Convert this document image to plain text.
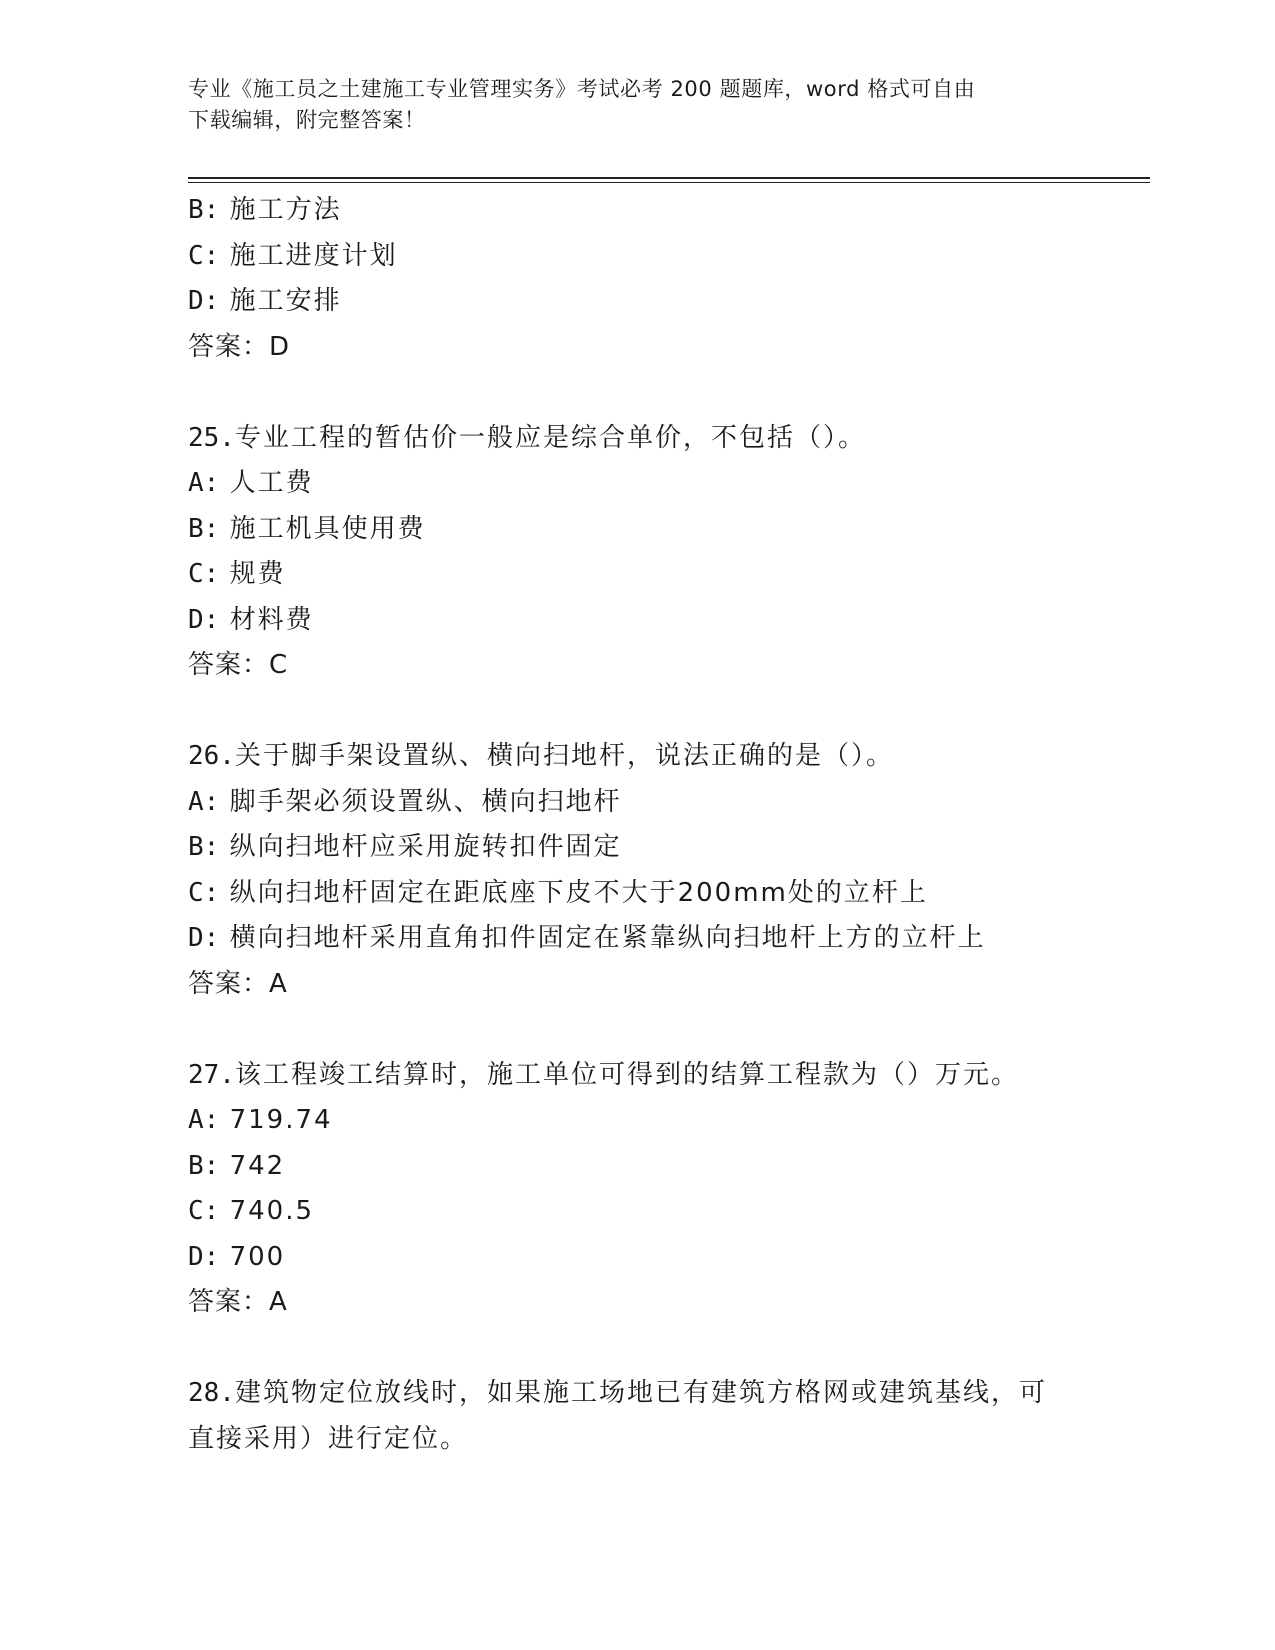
专业《施工员之土建施工专业管理实务》考试必考 200 题题库，word 格式可自由
下载编辑，附完整答案！
B: 施工方法
C: 施工进度计划
D: 施工安排
答案：D
25.专业工程的暂估价一般应是综合单价，不包括（）。
A: 人工费
B: 施工机具使用费
C: 规费
D: 材料费
答案：C
26.关于脚手架设置纵、横向扫地杆，说法正确的是（）。
A: 脚手架必须设置纵、横向扫地杆
B: 纵向扫地杆应采用旋转扣件固定
C: 纵向扫地杆固定在距底座下皮不大于200mm处的立杆上
D: 横向扫地杆采用直角扣件固定在紧靠纵向扫地杆上方的立杆上
答案：A
27.该工程竣工结算时，施工单位可得到的结算工程款为（）万元。
A: 719.74
B: 742
C: 740.5
D: 700
答案：A
28.建筑物定位放线时，如果施工场地已有建筑方格网或建筑基线，可
直接采用）进行定位。
